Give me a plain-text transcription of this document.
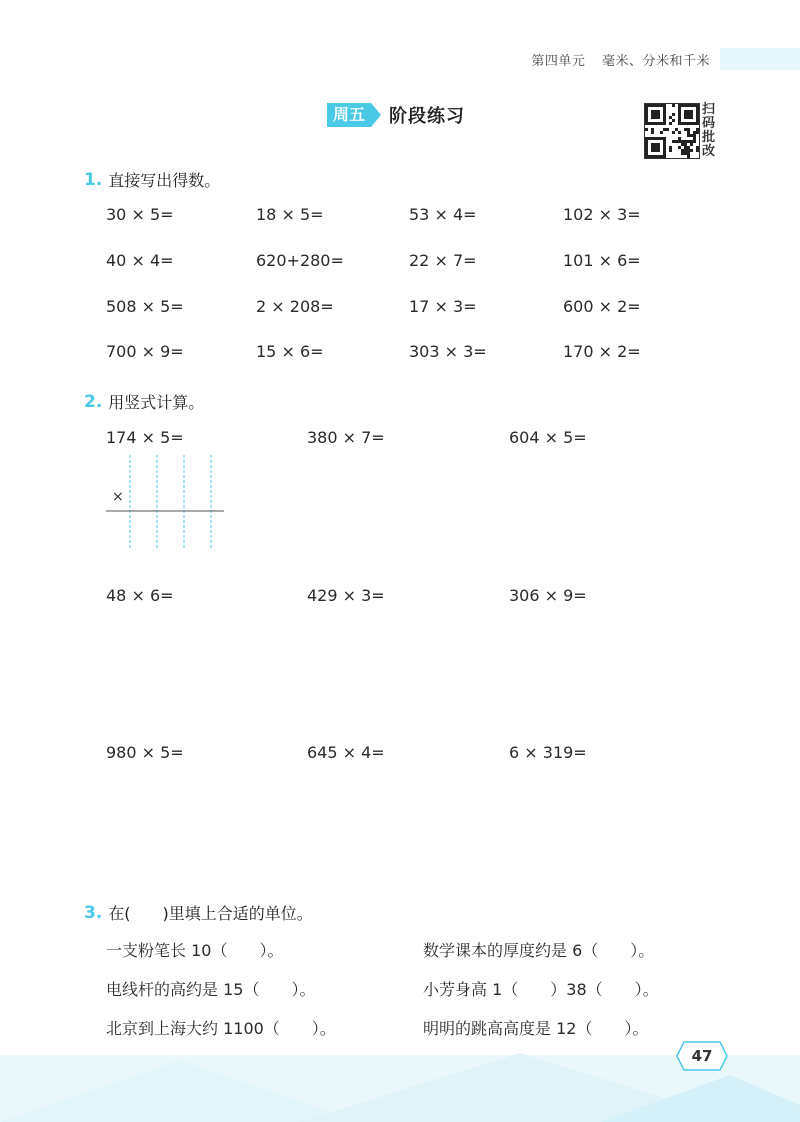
第四单元 毫米、分米和千米
周五	阶段练习	扫
码
批
改
1. 直接写出得数。
30 × 5=	18 × 5=	53 × 4=	102 × 3=
40 × 4=	620+280=	22 × 7=	101 × 6=
508 × 5=	2 × 208=	17 × 3=	600 × 2=
700 × 9=	15 × 6=	303 × 3=	170 × 2=
2. 用竖式计算。
174 × 5=	380 × 7=	604 × 5=
48 × 6=	429 × 3=	306 × 9=
980 × 5=	645 × 4=	6 × 319=
×
3. 在(　　)里填上合适的单位。
一支粉笔长 10（　　）。
电线杆的高约是 15（　　）。
北京到上海大约 1100（　　）。
数学课本的厚度约是 6（　　）。
小芳身高 1（　　）38（　　）。
明明的跳高高度是 12（　　）。
47
